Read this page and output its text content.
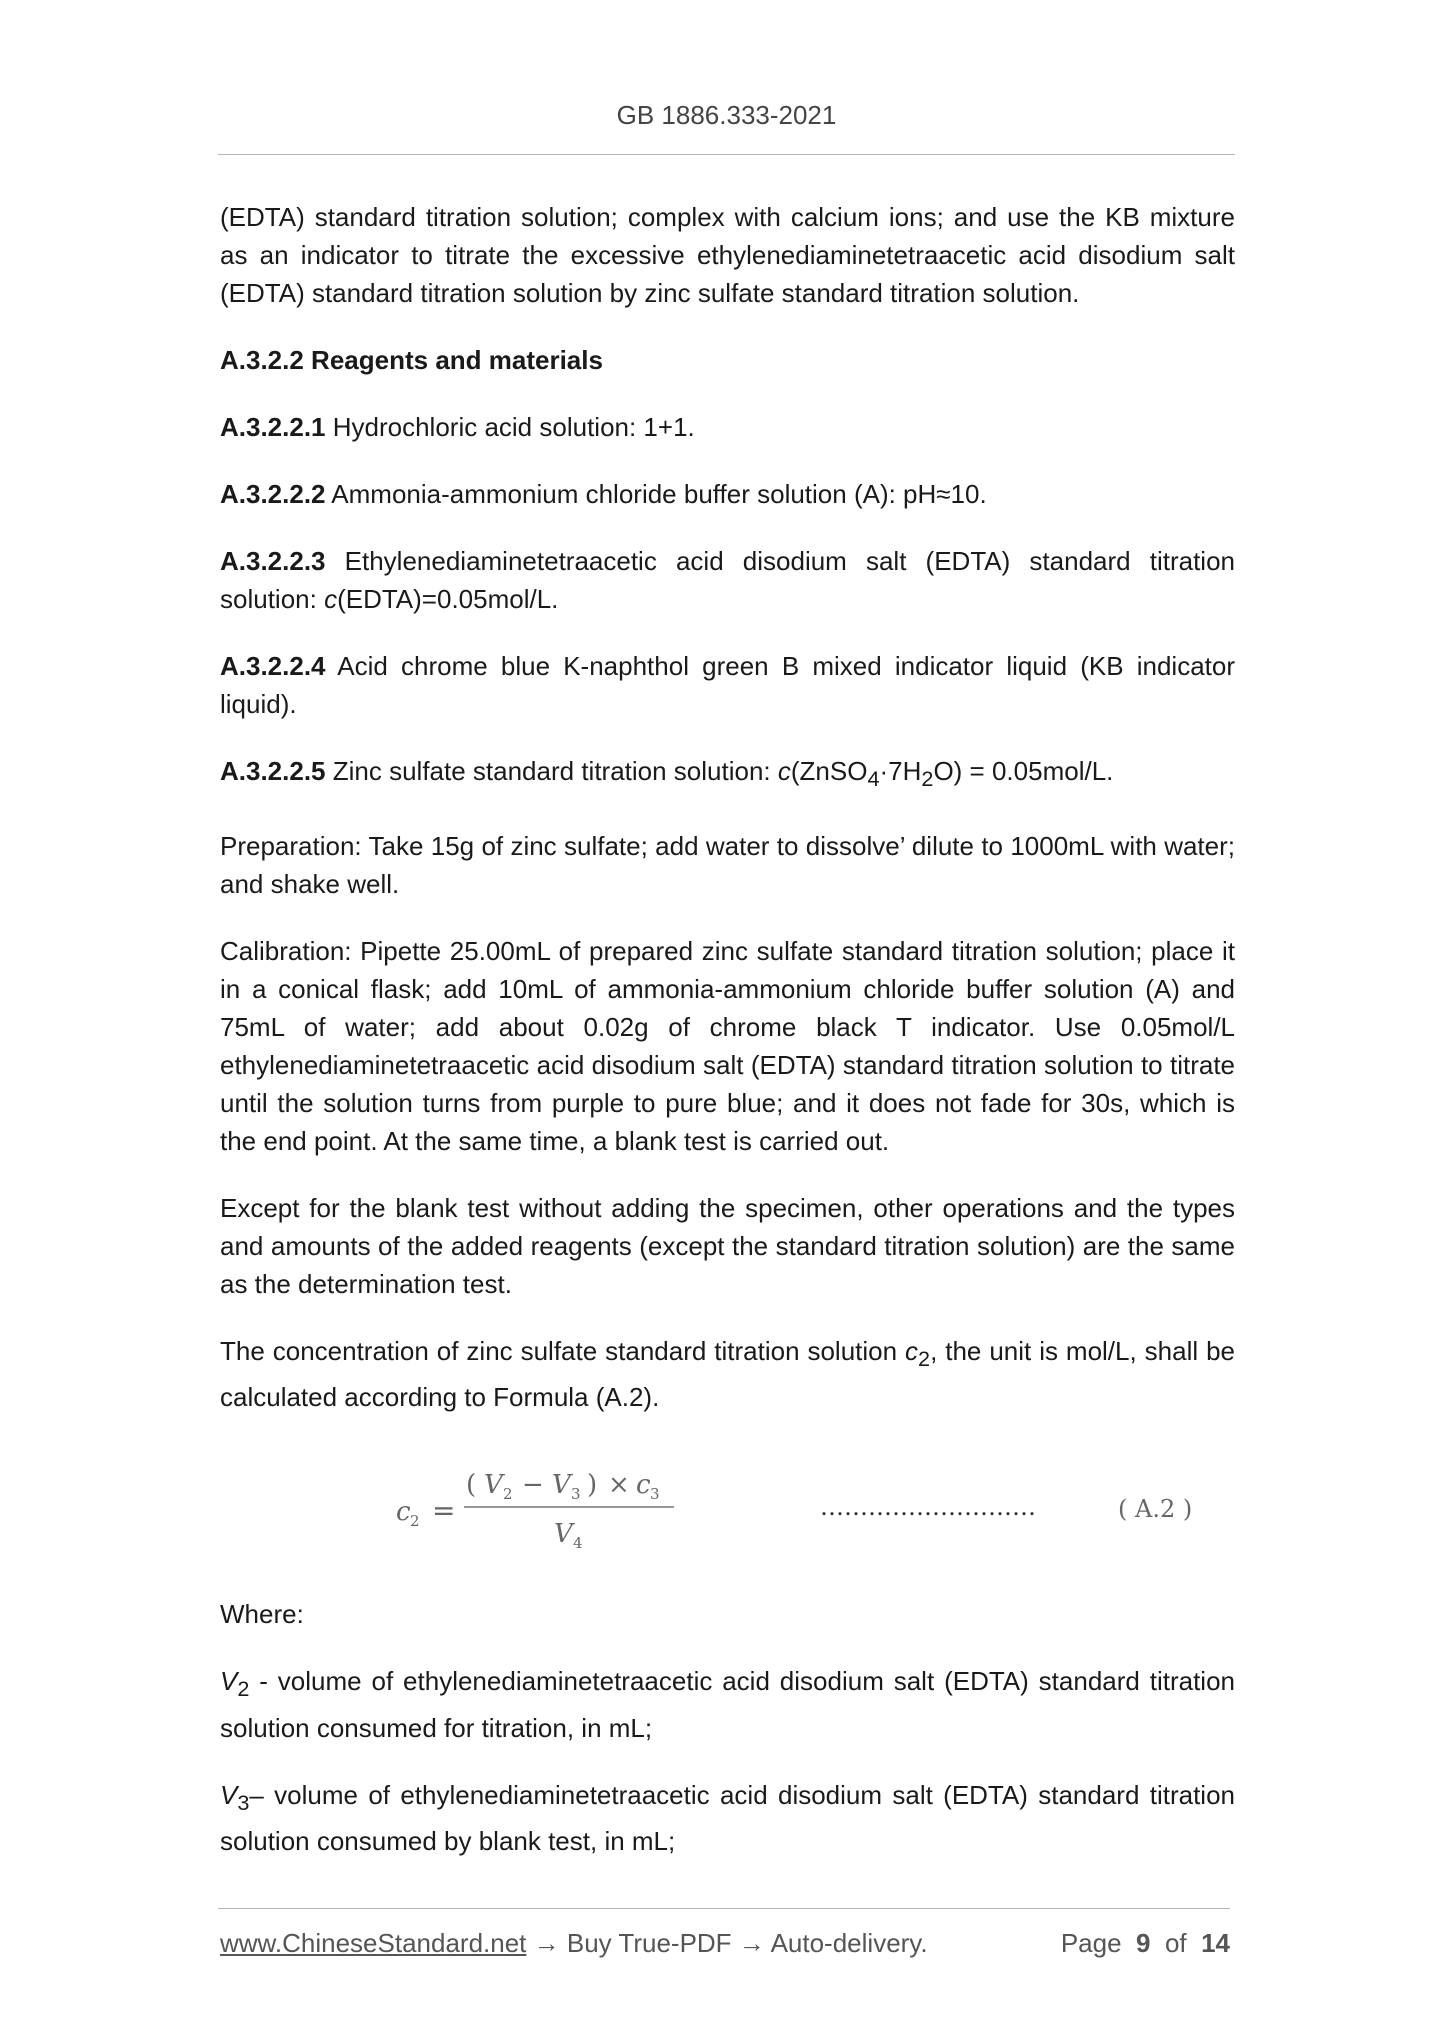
GB 1886.333-2021

(EDTA) standard titration solution; complex with calcium ions; and use the KB mixture as an indicator to titrate the excessive ethylenediaminetetraacetic acid disodium salt (EDTA) standard titration solution by zinc sulfate standard titration solution.

A.3.2.2 Reagents and materials

A.3.2.2.1 Hydrochloric acid solution: 1+1.

A.3.2.2.2 Ammonia-ammonium chloride buffer solution (A): pH≈10.

A.3.2.2.3 Ethylenediaminetetraacetic acid disodium salt (EDTA) standard titration solution: c(EDTA)=0.05mol/L.

A.3.2.2.4 Acid chrome blue K-naphthol green B mixed indicator liquid (KB indicator liquid).

A.3.2.2.5 Zinc sulfate standard titration solution: $c(ZnSO_4\cdot 7H_2O) = 0.05mol/L$.

Preparation: Take 15g of zinc sulfate; add water to dissolve’ dilute to 1000mL with water; and shake well.

Calibration: Pipette 25.00mL of prepared zinc sulfate standard titration solution; place it in a conical flask; add 10mL of ammonia-ammonium chloride buffer solution (A) and 75mL of water; add about 0.02g of chrome black T indicator. Use 0.05mol/L ethylenediaminetetraacetic acid disodium salt (EDTA) standard titration solution to titrate until the solution turns from purple to pure blue; and it does not fade for 30s, which is the end point. At the same time, a blank test is carried out.

Except for the blank test without adding the specimen, other operations and the types and amounts of the added reagents (except the standard titration solution) are the same as the determination test.

The concentration of zinc sulfate standard titration solution $c_2$, the unit is mol/L, shall be calculated according to Formula (A.2).

c 2 =
( V 2 − V 3 ) × c 3
V 4
………………………	( A.2 )

Where:

$V_2$ - volume of ethylenediaminetetraacetic acid disodium salt (EDTA) standard titration solution consumed for titration, in mL;

$V_3-$ volume of ethylenediaminetetraacetic acid disodium salt (EDTA) standard titration solution consumed by blank test, in mL;

www.ChineseStandard.net → Buy True-PDF → Auto-delivery.	Page 9 of 14
